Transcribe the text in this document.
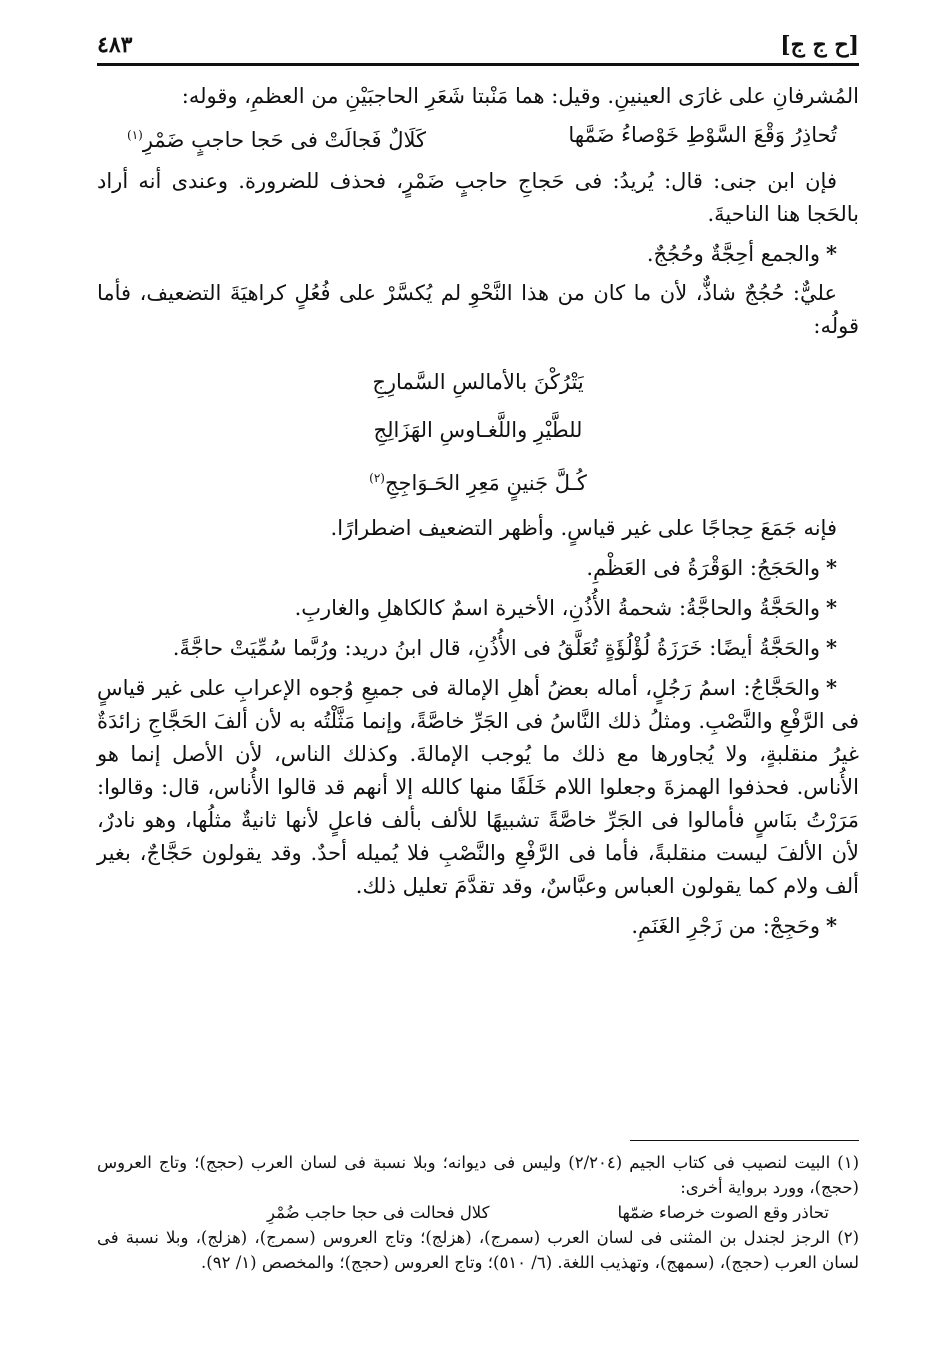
[ح ج ج]
٤٨٣

المُشرفانِ على غارَى العينينِ. وقيل: هما مَنْبتا شَعَرِ الحاجبَيْنِ من العظمِ، وقوله:

تُحاذِرُ وَقْعَ السَّوْطِ خَوْصاءُ ضَمَّها
كَلَالٌ فَجالَتْ فى حَجا حاجبٍ ضَمْرِ$^{(١)}$

فإن ابن جنى: قال: يُريدُ: فى حَجاجِ حاجبٍ ضَمْرٍ، فحذف للضرورة. وعندى أنه أراد بالحَجا هنا الناحيةَ.

*والجمع أحِجَّةٌ وحُجُجٌ.

عليٌّ: حُجُجٌ شاذٌّ، لأن ما كان من هذا النَّحْوِ لم يُكسَّرْ على فُعُلٍ كراهيَةَ التضعيف، فأما قولُه:

يَتْرُكْنَ بالأمالسِ السَّمارِجِ
للطَّيْرِ واللَّغـاوسِ الهَزَالِجِ
كُـلَّ جَنينٍ مَعِرِ الحَـوَاجِجِ$^{(٢)}$

فإنه جَمَعَ حِجاجًا على غير قياسٍ. وأظهر التضعيف اضطرارًا.

*والحَجَجُ: الوَقْرَةُ فى العَظْمِ.

*والحَجَّةُ والحاجَّةُ: شحمةُ الأُذُنِ، الأخيرة اسمٌ كالكاهلِ والغاربِ.

*والحَجَّةُ أيضًا: خَرَزَةُ لُؤْلُؤَةٍ تُعَلَّقُ فى الأُذُنِ، قال ابنُ دريد: ورُبَّما سُمِّيَتْ حاجَّةً.

*والحَجَّاجُ: اسمُ رَجُلٍ، أماله بعضُ أهلِ الإمالة فى جميعِ وُجوه الإعرابِ على غير قياسٍ فى الرَّفْعِ والنَّصْبِ. ومثلُ ذلك النَّاسُ فى الجَرِّ خاصَّةً، وإنما مَثَّلْتُه به لأن ألفَ الحَجَّاجِ زائدَةٌ غيرُ منقلبةٍ، ولا يُجاورها مع ذلك ما يُوجب الإمالةَ. وكذلك الناس، لأن الأصل إنما هو الأُناس. فحذفوا الهمزةَ وجعلوا اللام خَلَفًا منها كالله إلا أنهم قد قالوا الأُناس، قال: وقالوا: مَرَرْتُ بنَاسٍ فأمالوا فى الجَرِّ خاصَّةً تشبيهًا للألف بألف فاعلٍ لأنها ثانيةٌ مثلُها، وهو نادرٌ، لأن الألفَ ليست منقلبةً، فأما فى الرَّفْعِ والنَّصْبِ فلا يُميله أحدٌ. وقد يقولون حَجَّاجٌ، بغير ألف ولام كما يقولون العباس وعبَّاسٌ، وقد تقدَّمَ تعليل ذلك.

*وحَجِجْ: من زَجْرِ الغَنَمِ.

(١) البيت لنصيب فى كتاب الجيم (٢/٢٠٤) وليس فى ديوانه؛ وبلا نسبة فى لسان العرب (حجج)؛ وتاج العروس (حجج)، وورد برواية أخرى:

تحاذر وقع الصوت خرصاء ضمّها
كلال فحالت فى حجا حاجب ضُمْرِ

(٢) الرجز لجندل بن المثنى فى لسان العرب (سمرج)، (هزلج)؛ وتاج العروس (سمرج)، (هزلج)، وبلا نسبة فى لسان العرب (حجج)، (سمهج)، وتهذيب اللغة. (٦/ ٥١٠)؛ وتاج العروس (حجج)؛ والمخصص (١/ ٩٢).
